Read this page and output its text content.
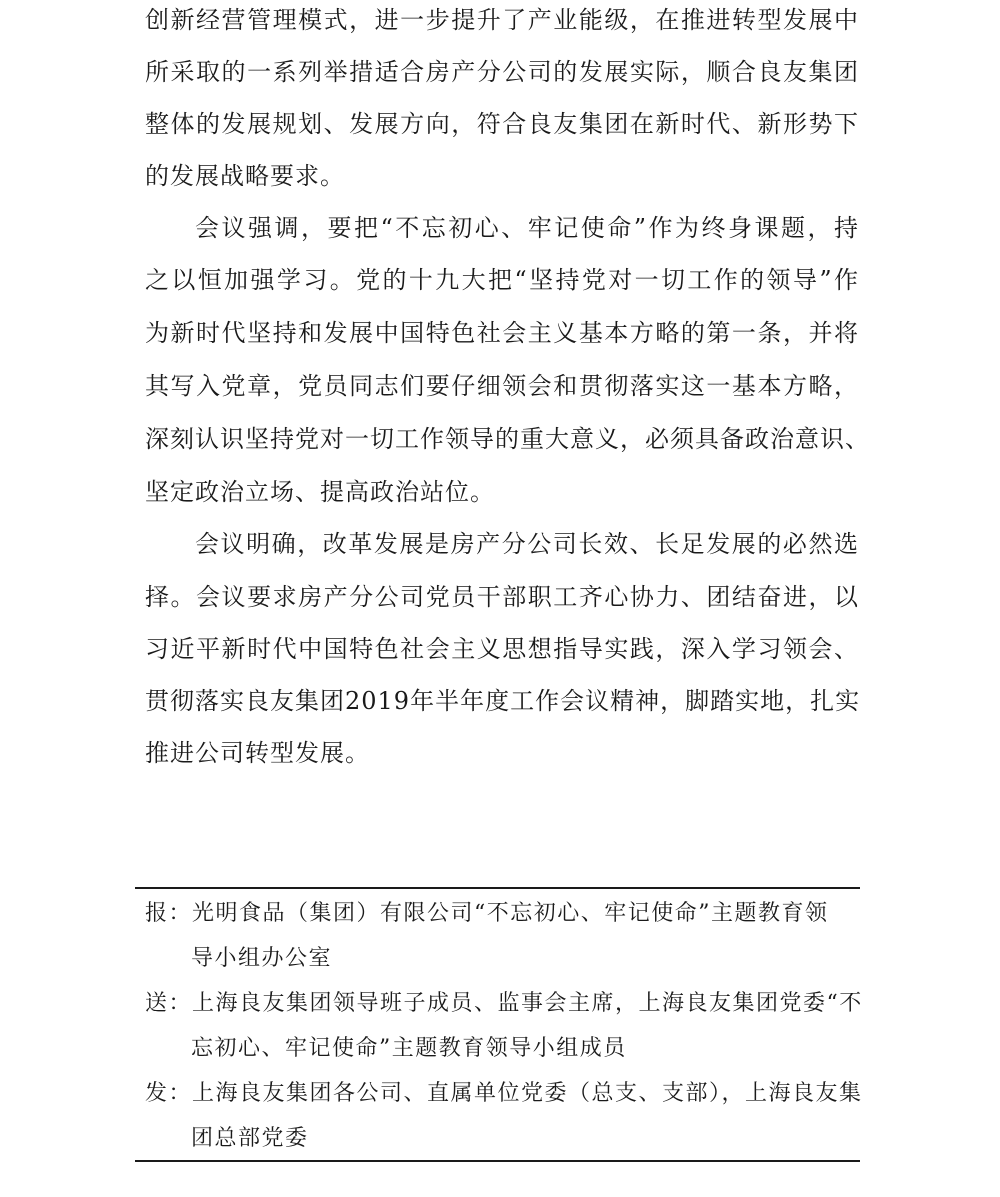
创新经营管理模式，进一步提升了产业能级，在推进转型发展中
所采取的一系列举措适合房产分公司的发展实际，顺合良友集团
整体的发展规划、发展方向，符合良友集团在新时代、新形势下
的发展战略要求。
会议强调，要把“不忘初心、牢记使命”作为终身课题，持
之以恒加强学习。党的十九大把“坚持党对一切工作的领导”作
为新时代坚持和发展中国特色社会主义基本方略的第一条，并将
其写入党章，党员同志们要仔细领会和贯彻落实这一基本方略，
深刻认识坚持党对一切工作领导的重大意义，必须具备政治意识、
坚定政治立场、提高政治站位。
会议明确，改革发展是房产分公司长效、长足发展的必然选
择。会议要求房产分公司党员干部职工齐心协力、团结奋进，以
习近平新时代中国特色社会主义思想指导实践，深入学习领会、
贯彻落实良友集团2019年半年度工作会议精神，脚踏实地，扎实
推进公司转型发展。
报：光明食品（集团）有限公司“不忘初心、牢记使命”主题教育领
导小组办公室
送：上海良友集团领导班子成员、监事会主席，上海良友集团党委“不
忘初心、牢记使命”主题教育领导小组成员
发：上海良友集团各公司、直属单位党委（总支、支部），上海良友集
团总部党委
